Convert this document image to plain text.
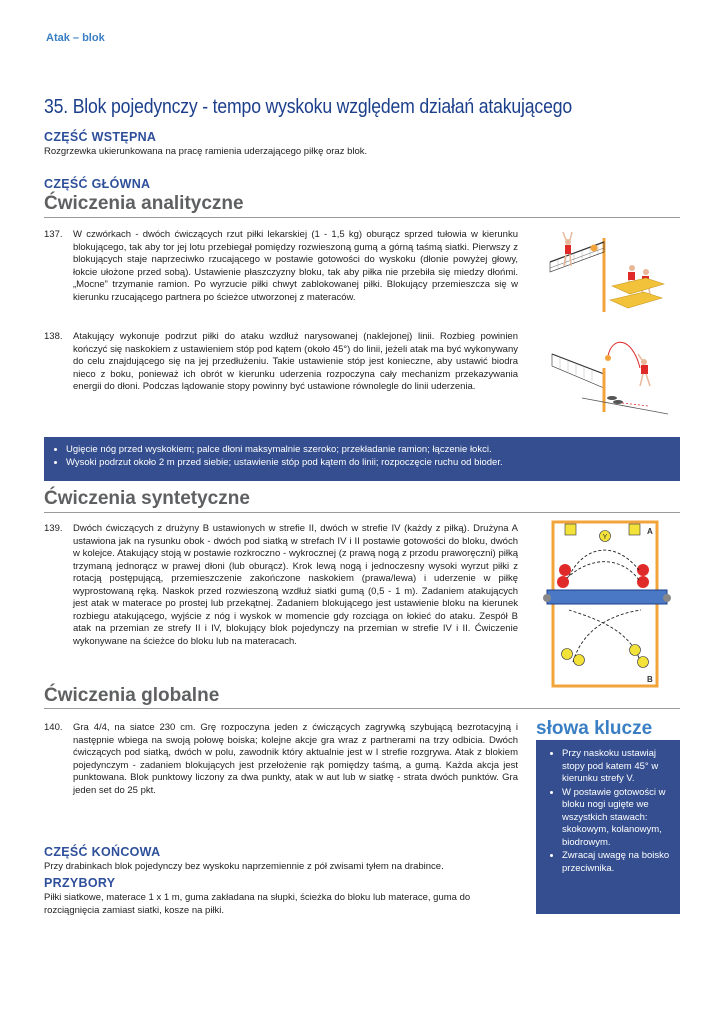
Atak – blok
35. Blok pojedynczy - tempo wyskoku względem działań atakującego
CZĘŚĆ WSTĘPNA
Rozgrzewka ukierunkowana na pracę ramienia uderzającego piłkę oraz blok.
CZĘŚĆ GŁÓWNA
Ćwiczenia analityczne
137. W czwórkach - dwóch ćwiczących rzut piłki lekarskiej (1 - 1,5 kg) oburącz sprzed tułowia w kierunku blokującego, tak aby tor jej lotu przebiegał pomiędzy rozwieszoną gumą a górną taśmą siatki. Pierwszy z blokujących staje naprzeciwko rzucającego w postawie gotowości do wyskoku (dłonie powyżej głowy, łokcie ułożone przed sobą). Ustawienie płaszczyzny bloku, tak aby piłka nie przebiła się miedzy dłońmi. „Mocne” trzymanie ramion. Po wyrzucie piłki chwyt zablokowanej piłki. Blokujący przemieszcza się w kierunku rzucającego partnera po ścieżce utworzonej z materaców.
138. Atakujący wykonuje podrzut piłki do ataku wzdłuż narysowanej (naklejonej) linii. Rozbieg powinien kończyć się naskokiem z ustawieniem stóp pod kątem (około 45°) do linii, jeżeli atak ma być wykonywany do celu znajdującego się na jej przedłużeniu. Takie ustawienie stóp jest konieczne, aby ustawić biodra nieco z boku, ponieważ ich obrót w kierunku uderzenia rozpoczyna cały mechanizm przekazywania energii do dłoni. Podczas lądowanie stopy powinny być ustawione równolegle do linii uderzenia.
• Ugięcie nóg przed wyskokiem; palce dłoni maksymalnie szeroko; przekładanie ramion; łączenie łokci.
• Wysoki podrzut około 2 m przed siebie; ustawienie stóp pod kątem do linii; rozpoczęcie ruchu od bioder.
Ćwiczenia syntetyczne
139. Dwóch ćwiczących z drużyny B ustawionych w strefie II, dwóch w strefie IV (każdy z piłką). Drużyna A ustawiona jak na rysunku obok - dwóch pod siatką w strefach IV i II postawie gotowości do bloku, dwóch w kolejce. Atakujący stoją w postawie rozkroczno - wykrocznej (z prawą nogą z przodu praworęczni) piłką trzymaną jednorącz w prawej dłoni (lub oburącz). Krok lewą nogą i jednoczesny wysoki wyrzut piłki z rotacją postępującą, przemieszczenie zakończone naskokiem (prawa/lewa) i uderzenie w piłkę wyprostowaną ręką. Naskok przed rozwieszoną wzdłuż siatki gumą (0,5 - 1 m). Zadaniem atakujących jest atak w materace po prostej lub przekątnej. Zadaniem blokującego jest ustawienie bloku na kierunek rozbiegu atakującego, wyjście z nóg i wyskok w momencie gdy rozciąga on łokieć do ataku. Zespół B atak na przemian ze strefy II i IV, blokujący blok pojedynczy na przemian w strefie IV i II. Ćwiczenie wykonywane na ścieżce do bloku lub na materacach.
Y
A
B
Ćwiczenia globalne
140. Gra 4/4, na siatce 230 cm. Grę rozpoczyna jeden z ćwiczących zagrywką szybującą bezrotacyjną i następnie wbiega na swoją połowę boiska; kolejne akcje gra wraz z partnerami na trzy odbicia. Dwóch ćwiczących pod siatką, dwóch w polu, zawodnik który aktualnie jest w I strefie rozgrywa. Atak z blokiem pojedynczym - zadaniem blokujących jest przełożenie rąk pomiędzy taśmą, a gumą. Każda akcja jest punktowana. Blok punktowy liczony za dwa punkty, atak w aut lub w siatkę - strata dwóch punktów. Gra jeden set do 25 pkt.
słowa klucze
• Przy naskoku ustawiaj stopy pod katem 45° w kierunku strefy V.
• W postawie gotowości w bloku nogi ugięte we wszystkich stawach: skokowym, kolanowym, biodrowym.
• Zwracaj uwagę na boisko przeciwnika.
CZĘŚĆ KOŃCOWA
Przy drabinkach blok pojedynczy bez wyskoku naprzemiennie z pół zwisami tyłem na drabince.
PRZYBORY
Piłki siatkowe, materace 1 x 1 m, guma zakładana na słupki, ścieżka do bloku lub materace, guma do rozciągnięcia zamiast siatki, kosze na piłki.
